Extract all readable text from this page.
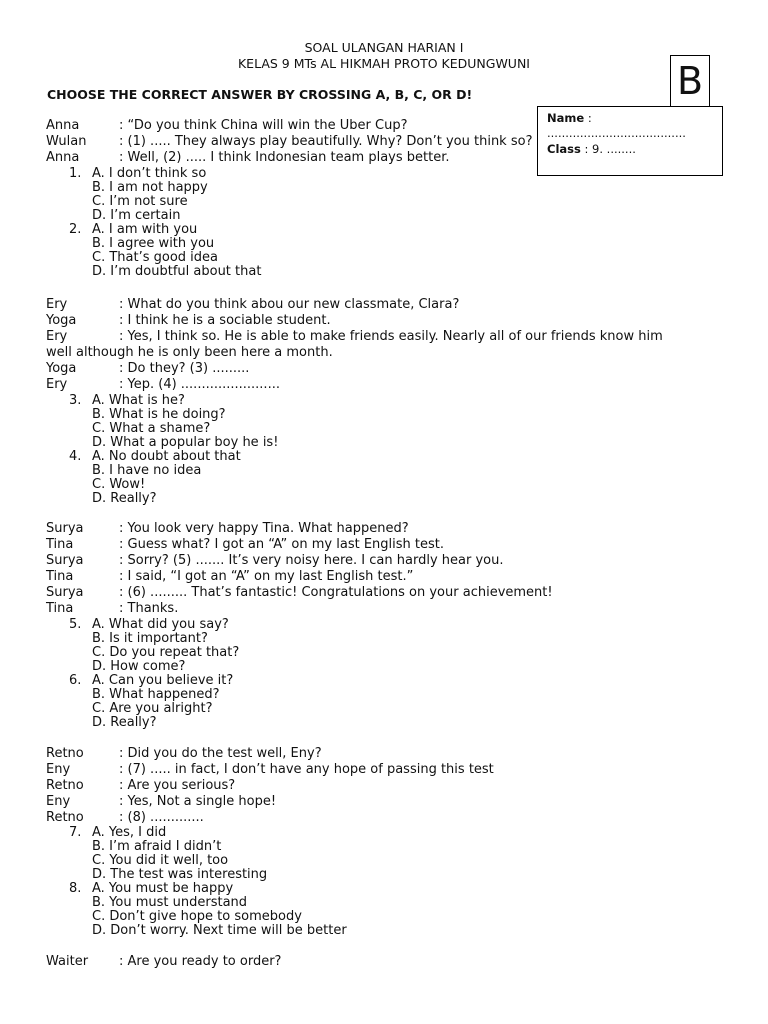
SOAL ULANGAN HARIAN I
KELAS 9 MTs AL HIKMAH PROTO KEDUNGWUNI
CHOOSE THE CORRECT ANSWER BY CROSSING A, B, C, OR D!	B
Name :
......................................
Class : 9. ........
Anna	: “Do you think China will win the Uber Cup?
Wulan	: (1) ..... They always play beautifully. Why? Don’t you think so?
Anna	: Well, (2) ..... I think Indonesian team plays better.
1. A. I don’t think so
B. I am not happy
C. I’m not sure
D. I’m certain
2. A. I am with you
B. I agree with you
C. That’s good idea
D. I’m doubtful about that
Ery	: What do you think abou our new classmate, Clara?
Yoga	: I think he is a sociable student.
Ery	: Yes, I think so. He is able to make friends easily. Nearly all of our friends know him
well although he is only been here a month.
Yoga	: Do they? (3) .........
Ery	: Yep. (4) ........................
3. A. What is he?
B. What is he doing?
C. What a shame?
D. What a popular boy he is!
4. A. No doubt about that
B. I have no idea
C. Wow!
D. Really?
Surya	: You look very happy Tina. What happened?
Tina	: Guess what? I got an “A” on my last English test.
Surya	: Sorry? (5) ....... It’s very noisy here. I can hardly hear you.
Tina	: I said, “I got an “A” on my last English test.”
Surya	: (6) ......... That’s fantastic! Congratulations on your achievement!
Tina	: Thanks.
5. A. What did you say?
B. Is it important?
C. Do you repeat that?
D. How come?
6. A. Can you believe it?
B. What happened?
C. Are you alright?
D. Really?
Retno	: Did you do the test well, Eny?
Eny	: (7) ..... in fact, I don’t have any hope of passing this test
Retno	: Are you serious?
Eny	: Yes, Not a single hope!
Retno	: (8) .............
7. A. Yes, I did
B. I’m afraid I didn’t
C. You did it well, too
D. The test was interesting
8. A. You must be happy
B. You must understand
C. Don’t give hope to somebody
D. Don’t worry. Next time will be better
Waiter : Are you ready to order?
